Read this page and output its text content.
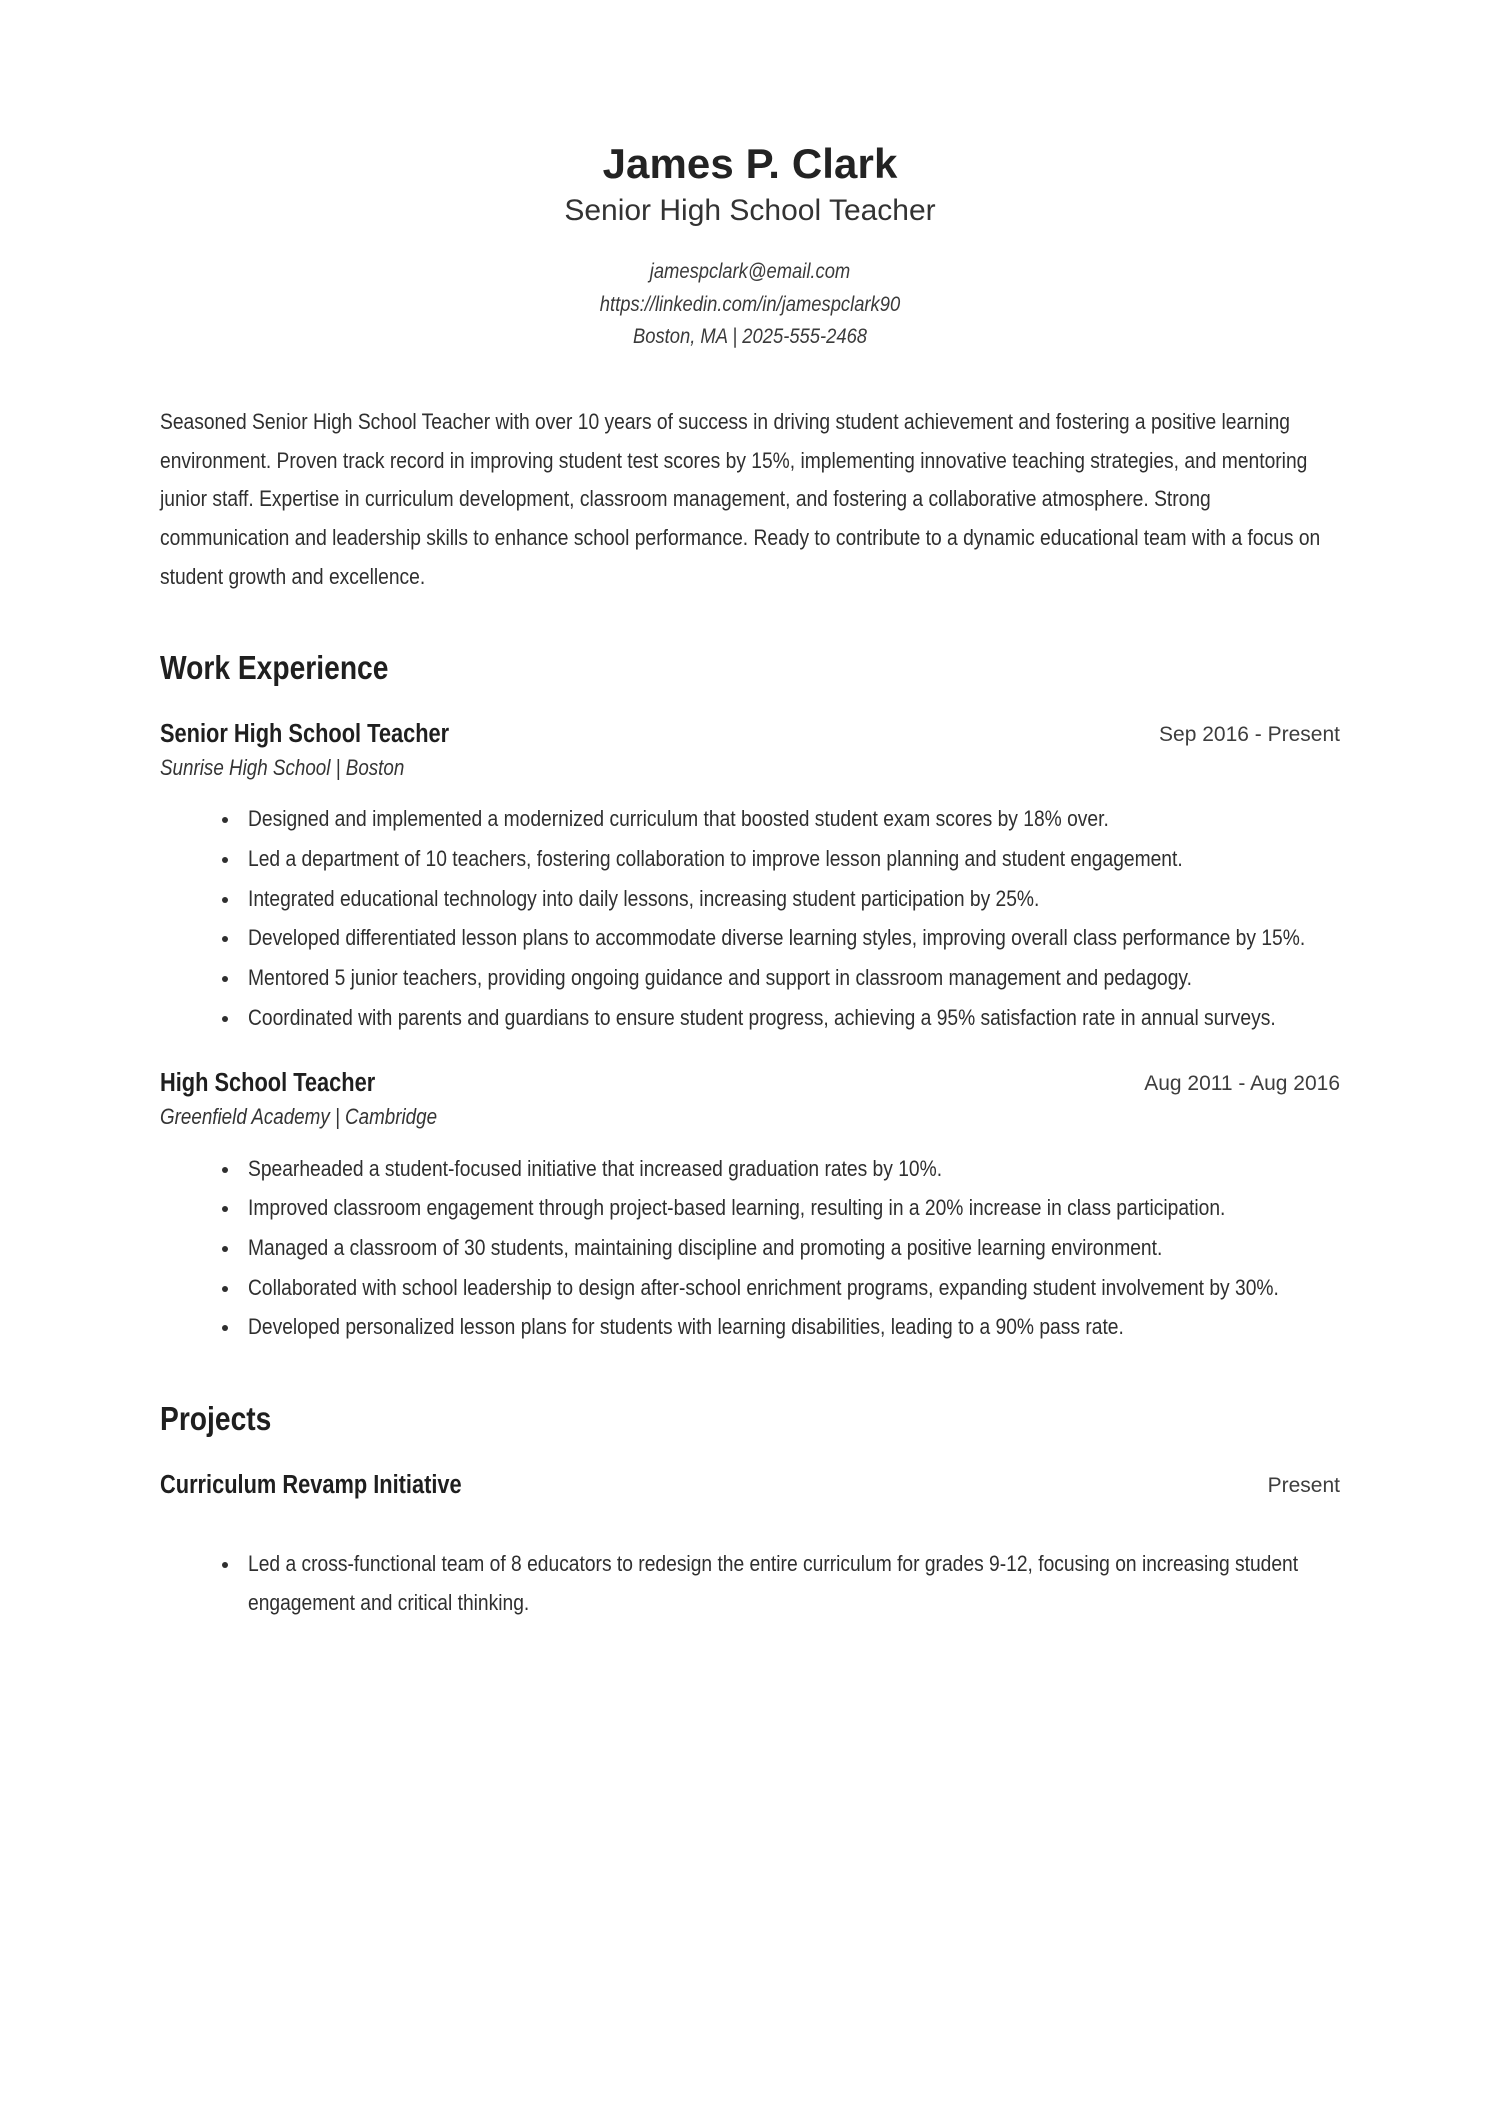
James P. Clark
Senior High School Teacher
jamespclark@email.com
https://linkedin.com/in/jamespclark90
Boston, MA | 2025-555-2468
Seasoned Senior High School Teacher with over 10 years of success in driving student achievement and fostering a positive learning environment. Proven track record in improving student test scores by 15%, implementing innovative teaching strategies, and mentoring junior staff. Expertise in curriculum development, classroom management, and fostering a collaborative atmosphere. Strong communication and leadership skills to enhance school performance. Ready to contribute to a dynamic educational team with a focus on student growth and excellence.
Work Experience
Senior High School Teacher
Sunrise High School | Boston
Sep 2016 - Present
Designed and implemented a modernized curriculum that boosted student exam scores by 18% over.
Led a department of 10 teachers, fostering collaboration to improve lesson planning and student engagement.
Integrated educational technology into daily lessons, increasing student participation by 25%.
Developed differentiated lesson plans to accommodate diverse learning styles, improving overall class performance by 15%.
Mentored 5 junior teachers, providing ongoing guidance and support in classroom management and pedagogy.
Coordinated with parents and guardians to ensure student progress, achieving a 95% satisfaction rate in annual surveys.
High School Teacher
Greenfield Academy | Cambridge
Aug 2011 - Aug 2016
Spearheaded a student-focused initiative that increased graduation rates by 10%.
Improved classroom engagement through project-based learning, resulting in a 20% increase in class participation.
Managed a classroom of 30 students, maintaining discipline and promoting a positive learning environment.
Collaborated with school leadership to design after-school enrichment programs, expanding student involvement by 30%.
Developed personalized lesson plans for students with learning disabilities, leading to a 90% pass rate.
Projects
Curriculum Revamp Initiative	Present
Led a cross-functional team of 8 educators to redesign the entire curriculum for grades 9-12, focusing on increasing student engagement and critical thinking.
